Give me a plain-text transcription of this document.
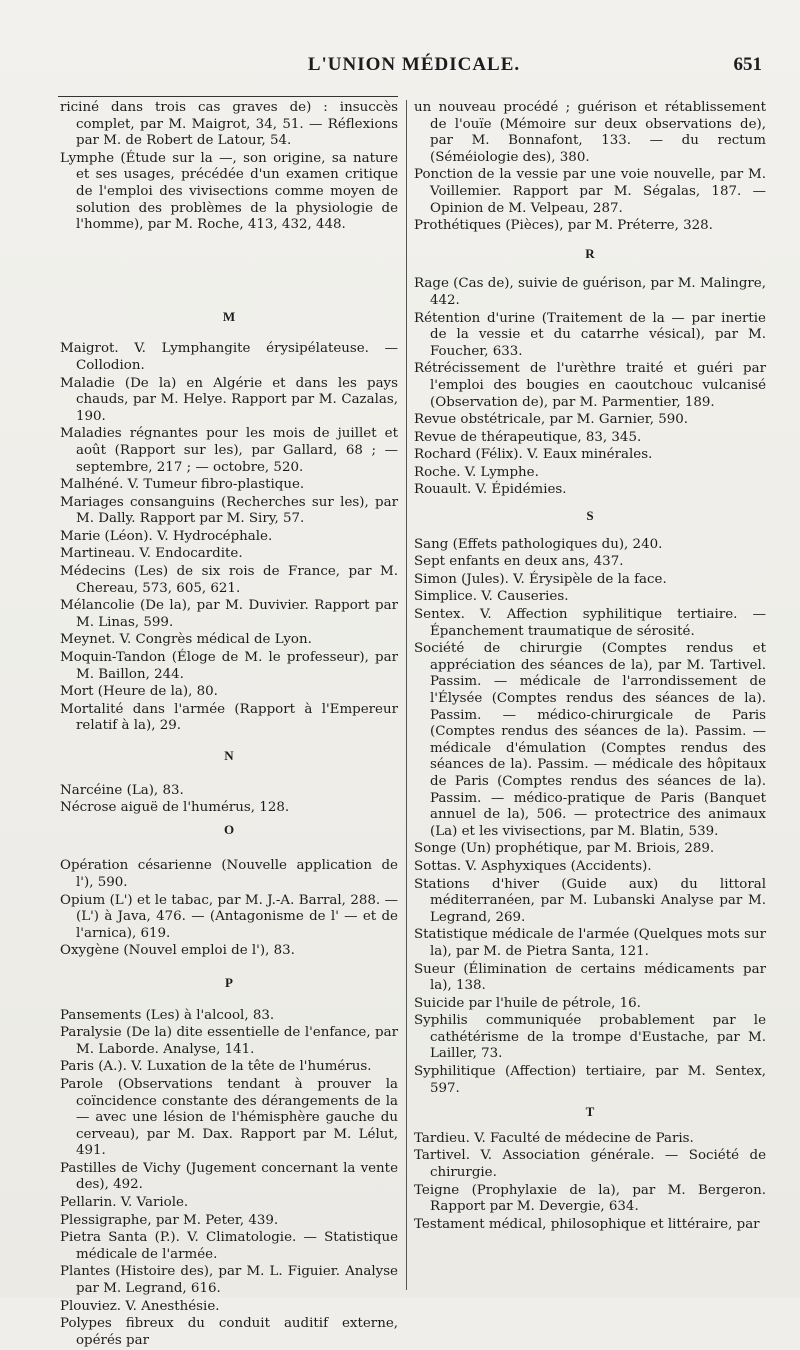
L'UNION MÉDICALE.	651

riciné dans trois cas graves de) : insuccès complet, par M. Maigrot, 34, 51. — Réflexions par M. de Robert de Latour, 54.

Lymphe (Étude sur la —, son origine, sa nature et ses usages, précédée d'un examen critique de l'emploi des vivisections comme moyen de solution des problèmes de la physiologie de l'homme), par M. Roche, 413, 432, 448.

M

Maigrot. V. Lymphangite érysipélateuse. — Collodion.

Maladie (De la) en Algérie et dans les pays chauds, par M. Helye. Rapport par M. Cazalas, 190.

Maladies régnantes pour les mois de juillet et août (Rapport sur les), par Gallard, 68 ; — septembre, 217 ; — octobre, 520.

Malhéné. V. Tumeur fibro-plastique.

Mariages consanguins (Recherches sur les), par M. Dally. Rapport par M. Siry, 57.

Marie (Léon). V. Hydrocéphale.

Martineau. V. Endocardite.

Médecins (Les) de six rois de France, par M. Chereau, 573, 605, 621.

Mélancolie (De la), par M. Duvivier. Rapport par M. Linas, 599.

Meynet. V. Congrès médical de Lyon.

Moquin-Tandon (Éloge de M. le professeur), par M. Baillon, 244.

Mort (Heure de la), 80.

Mortalité dans l'armée (Rapport à l'Empereur relatif à la), 29.

N

Narcéine (La), 83.

Nécrose aiguë de l'humérus, 128.

O

Opération césarienne (Nouvelle application de l'), 590.

Opium (L') et le tabac, par M. J.-A. Barral, 288. — (L') à Java, 476. — (Antagonisme de l' — et de l'arnica), 619.

Oxygène (Nouvel emploi de l'), 83.

P

Pansements (Les) à l'alcool, 83.

Paralysie (De la) dite essentielle de l'enfance, par M. Laborde. Analyse, 141.

Paris (A.). V. Luxation de la tête de l'humérus.

Parole (Observations tendant à prouver la coïncidence constante des dérangements de la — avec une lésion de l'hémisphère gauche du cerveau), par M. Dax. Rapport par M. Lélut, 491.

Pastilles de Vichy (Jugement concernant la vente des), 492.

Pellarin. V. Variole.

Plessigraphe, par M. Peter, 439.

Pietra Santa (P.). V. Climatologie. — Statistique médicale de l'armée.

Plantes (Histoire des), par M. L. Figuier. Analyse par M. Legrand, 616.

Plouviez. V. Anesthésie.

Polypes fibreux du conduit auditif externe, opérés par

un nouveau procédé ; guérison et rétablissement de l'ouïe (Mémoire sur deux observations de), par M. Bonnafont, 133. — du rectum (Séméiologie des), 380.

Ponction de la vessie par une voie nouvelle, par M. Voillemier. Rapport par M. Ségalas, 187. — Opinion de M. Velpeau, 287.

Prothétiques (Pièces), par M. Préterre, 328.

R

Rage (Cas de), suivie de guérison, par M. Malingre, 442.

Rétention d'urine (Traitement de la — par inertie de la vessie et du catarrhe vésical), par M. Foucher, 633.

Rétrécissement de l'urèthre traité et guéri par l'emploi des bougies en caoutchouc vulcanisé (Observation de), par M. Parmentier, 189.

Revue obstétricale, par M. Garnier, 590.

Revue de thérapeutique, 83, 345.

Rochard (Félix). V. Eaux minérales.

Roche. V. Lymphe.

Rouault. V. Épidémies.

S

Sang (Effets pathologiques du), 240.

Sept enfants en deux ans, 437.

Simon (Jules). V. Érysipèle de la face.

Simplice. V. Causeries.

Sentex. V. Affection syphilitique tertiaire. — Épanchement traumatique de sérosité.

Société de chirurgie (Comptes rendus et appréciation des séances de la), par M. Tartivel. Passim. — médicale de l'arrondissement de l'Élysée (Comptes rendus des séances de la). Passim. — médico-chirurgicale de Paris (Comptes rendus des séances de la). Passim. — médicale d'émulation (Comptes rendus des séances de la). Passim. — médicale des hôpitaux de Paris (Comptes rendus des séances de la). Passim. — médico-pratique de Paris (Banquet annuel de la), 506. — protectrice des animaux (La) et les vivisections, par M. Blatin, 539.

Songe (Un) prophétique, par M. Briois, 289.

Sottas. V. Asphyxiques (Accidents).

Stations d'hiver (Guide aux) du littoral méditerranéen, par M. Lubanski Analyse par M. Legrand, 269.

Statistique médicale de l'armée (Quelques mots sur la), par M. de Pietra Santa, 121.

Sueur (Élimination de certains médicaments par la), 138.

Suicide par l'huile de pétrole, 16.

Syphilis communiquée probablement par le cathétérisme de la trompe d'Eustache, par M. Lailler, 73.

Syphilitique (Affection) tertiaire, par M. Sentex, 597.

T

Tardieu. V. Faculté de médecine de Paris.

Tartivel. V. Association générale. — Société de chirurgie.

Teigne (Prophylaxie de la), par M. Bergeron. Rapport par M. Devergie, 634.

Testament médical, philosophique et littéraire, par
